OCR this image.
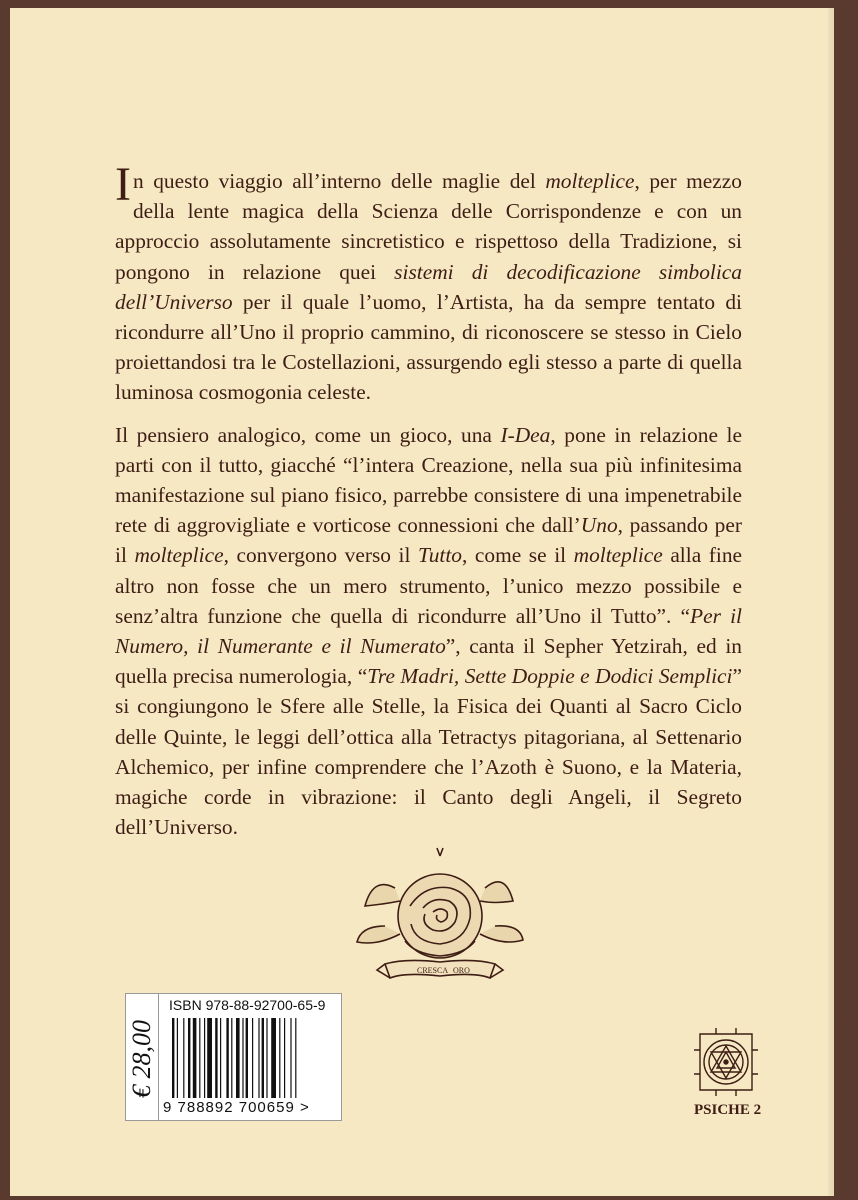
In questo viaggio all’interno delle maglie del molteplice, per mezzo della lente magica della Scienza delle Corrispondenze e con un approccio assolutamente sincretistico e rispettoso della Tradizione, si pongono in relazione quei sistemi di decodificazione simbolica dell’Universo per il quale l’uomo, l’Artista, ha da sempre tentato di ricondurre all’Uno il proprio cammino, di riconoscere se stesso in Cielo proiettandosi tra le Costellazioni, assurgendo egli stesso a parte di quella luminosa cosmogonia celeste.

Il pensiero analogico, come un gioco, una I-Dea, pone in relazione le parti con il tutto, giacché “l’intera Creazione, nella sua più infinitesima manifestazione sul piano fisico, parrebbe consistere di una impenetrabile rete di aggrovigliate e vorticose connessioni che dall’Uno, passando per il molteplice, convergono verso il Tutto, come se il molteplice alla fine altro non fosse che un mero strumento, l’unico mezzo possibile e senz’altra funzione che quella di ricondurre all’Uno il Tutto”. “Per il Numero, il Numerante e il Numerato”, canta il Sepher Yetzirah, ed in quella precisa numerologia, “Tre Madri, Sette Doppie e Dodici Semplici” si congiungono le Sfere alle Stelle, la Fisica dei Quanti al Sacro Ciclo delle Quinte, le leggi dell’ottica alla Tetractys pitagoriana, al Settenario Alchemico, per infine comprendere che l’Azoth è Suono, e la Materia, magiche corde in vibrazione: il Canto degli Angeli, il Segreto dell’Universo.

CRESCA ORO
€ 28,00
ISBN 978-88-92700-65-9
9 788892 700659 >	PSICHE 2
